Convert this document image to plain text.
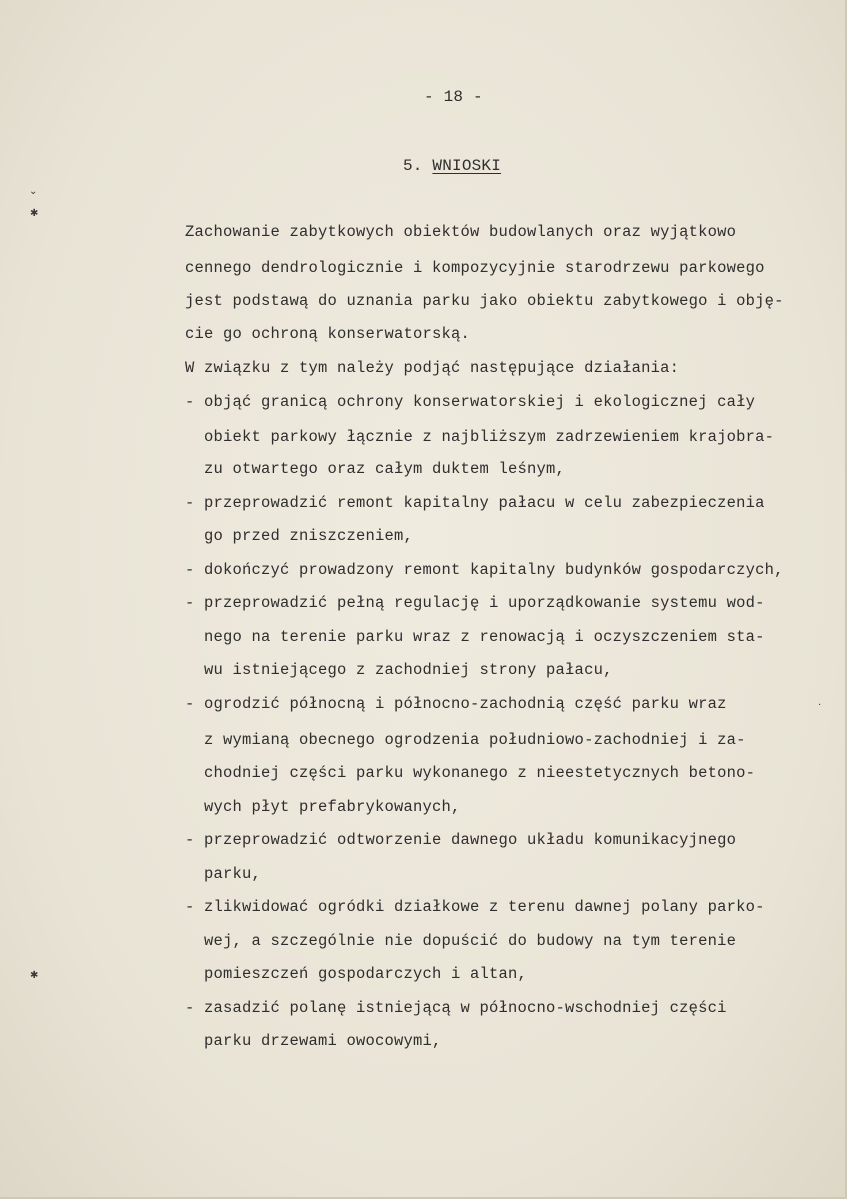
- 18 -
5. WNIOSKI
Zachowanie zabytkowych obiektów budowlanych oraz wyjątkowo
cennego dendrologicznie i kompozycyjnie starodrzewu parkowego
jest podstawą do uznania parku jako obiektu zabytkowego i obję-
cie go ochroną konserwatorską.
W związku z tym należy podjąć następujące działania:
- objąć granicą ochrony konserwatorskiej i ekologicznej cały
obiekt parkowy łącznie z najbliższym zadrzewieniem krajobra-
zu otwartego oraz całym duktem leśnym,
- przeprowadzić remont kapitalny pałacu w celu zabezpieczenia
go przed zniszczeniem,
- dokończyć prowadzony remont kapitalny budynków gospodarczych,
- przeprowadzić pełną regulację i uporządkowanie systemu wod-
nego na terenie parku wraz z renowacją i oczyszczeniem sta-
wu istniejącego z zachodniej strony pałacu,
- ogrodzić północną i północno-zachodnią część parku wraz
z wymianą obecnego ogrodzenia południowo-zachodniej i za-
chodniej części parku wykonanego z nieestetycznych betono-
wych płyt prefabrykowanych,
- przeprowadzić odtworzenie dawnego układu komunikacyjnego
parku,
- zlikwidować ogródki działkowe z terenu dawnej polany parko-
wej, a szczególnie nie dopuścić do budowy na tym terenie
pomieszczeń gospodarczych i altan,
- zasadzić polanę istniejącą w północno-wschodniej części
parku drzewami owocowymi,
⌄
✱
✱
·
